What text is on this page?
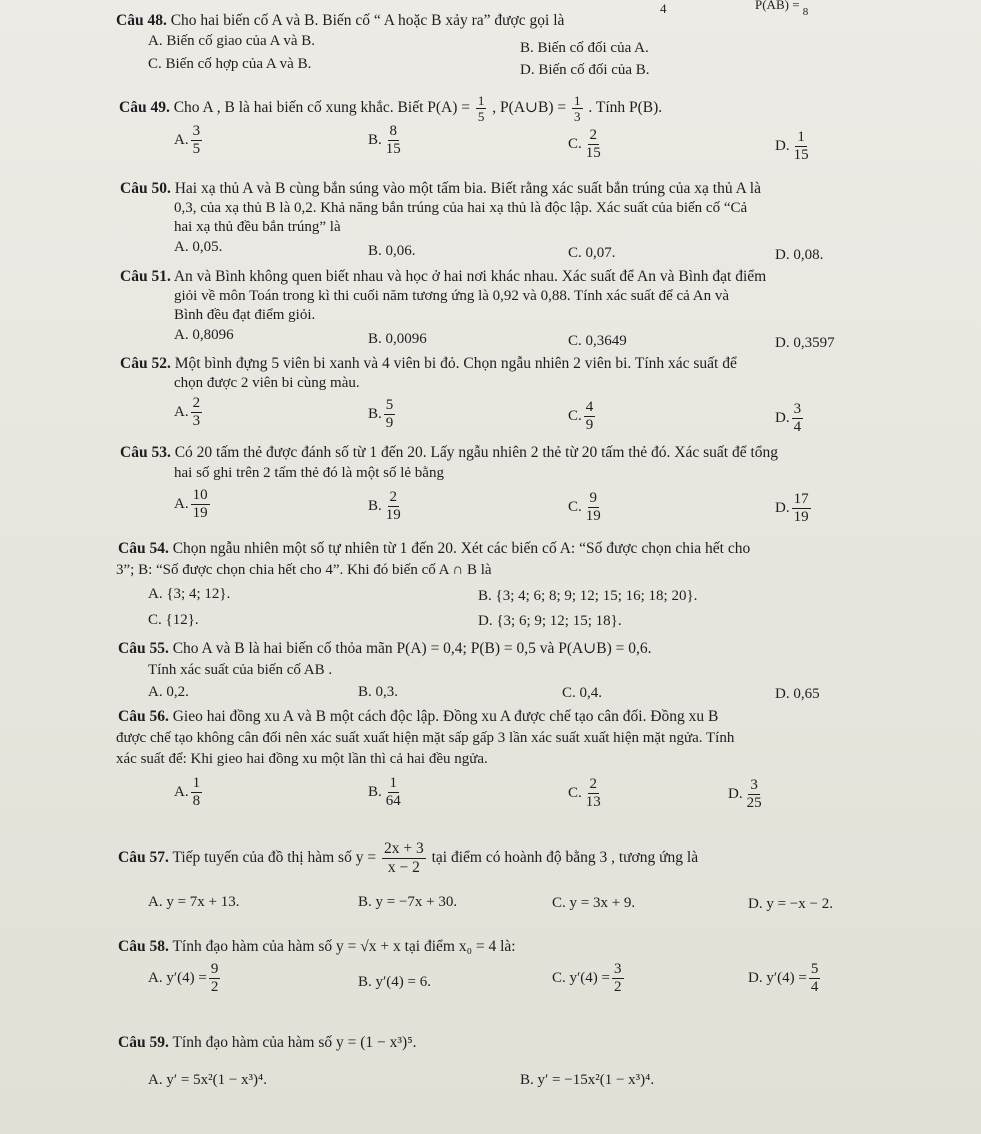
4	P(AB) = $_8$
Câu 48. Cho hai biến cố A và B. Biến cố “ A hoặc B xảy ra” được gọi là
A. Biến cố giao của A và B.	B. Biến cố đối của A.
C. Biến cố hợp của A và B.	D. Biến cố đối của B.
Câu 49. Cho A , B là hai biến cố xung khắc. Biết $P(A) = \frac{1}{5}$ , P(A∪B) = $\frac{1}{3}$ . Tính P(B).
A. $\frac{3}{5}$	B. $\frac{8}{15}$	C. $\frac{2}{15}$	D. $\frac{1}{15}$
Câu 50. Hai xạ thủ A và B cùng bắn súng vào một tấm bia. Biết rằng xác suất bắn trúng của xạ thủ A là
0,3, của xạ thủ B là 0,2. Khả năng bắn trúng của hai xạ thủ là độc lập. Xác suất của biến cố “Cả
hai xạ thủ đều bắn trúng” là
A. 0,05.	B. 0,06.	C. 0,07.	D. 0,08.
Câu 51. An và Bình không quen biết nhau và học ở hai nơi khác nhau. Xác suất để An và Bình đạt điểm
giỏi về môn Toán trong kì thi cuối năm tương ứng là 0,92 và 0,88. Tính xác suất để cả An và
Bình đều đạt điểm giỏi.
A. 0,8096	B. 0,0096	C. 0,3649	D. 0,3597
Câu 52. Một bình đựng 5 viên bi xanh và 4 viên bi đỏ. Chọn ngẫu nhiên 2 viên bi. Tính xác suất để
chọn được 2 viên bi cùng màu.
A. $\frac{2}{3}$	B. $\frac{5}{9}$	C. $\frac{4}{9}$	D. $\frac{3}{4}$
Câu 53. Có 20 tấm thẻ được đánh số từ 1 đến 20. Lấy ngẫu nhiên 2 thẻ từ 20 tấm thẻ đó. Xác suất để tổng
hai số ghi trên 2 tấm thẻ đó là một số lẻ bằng
A. $\frac{10}{19}$	B. $\frac{2}{19}$	C. $\frac{9}{19}$	D. $\frac{17}{19}$
Câu 54. Chọn ngẫu nhiên một số tự nhiên từ 1 đến 20. Xét các biến cố A: “Số được chọn chia hết cho
3”; B: “Số được chọn chia hết cho 4”. Khi đó biến cố A ∩ B là
A. {3; 4; 12}.	B. {3; 4; 6; 8; 9; 12; 15; 16; 18; 20}.
C. {12}.	D. {3; 6; 9; 12; 15; 18}.
Câu 55. Cho A và B là hai biến cố thỏa mãn P(A) = 0,4; P(B) = 0,5 và P(A∪B) = 0,6.
Tính xác suất của biến cố AB .
A. 0,2.	B. 0,3.	C. 0,4.	D. 0,65
Câu 56. Gieo hai đồng xu A và B một cách độc lập. Đồng xu A được chế tạo cân đối. Đồng xu B
được chế tạo không cân đối nên xác suất xuất hiện mặt sấp gấp 3 lần xác suất xuất hiện mặt ngửa. Tính
xác suất để: Khi gieo hai đồng xu một lần thì cả hai đều ngửa.
A. $\frac{1}{8}$	B. $\frac{1}{64}$	C. $\frac{2}{13}$	D. $\frac{3}{25}$
Câu 57. Tiếp tuyến của đồ thị hàm số $y = \frac{2x + 3}{x - 2}$ tại điểm có hoành độ bằng 3 , tương ứng là
A. y = 7x + 13.	B. y = −7x + 30.	C. y = 3x + 9.	D. y = −x − 2.
Câu 58. Tính đạo hàm của hàm số y = √x + x tại điểm x₀ = 4 là:
A. $y'(4) = \frac{9}{2}$	B. y′(4) = 6.	C. $y'(4) = \frac{3}{2}$	D. $y'(4) = \frac{5}{4}$
Câu 59. Tính đạo hàm của hàm số y = (1 − x³)⁵.
A. y′ = 5x²(1 − x³)⁴.	B. y′ = −15x²(1 − x³)⁴.
